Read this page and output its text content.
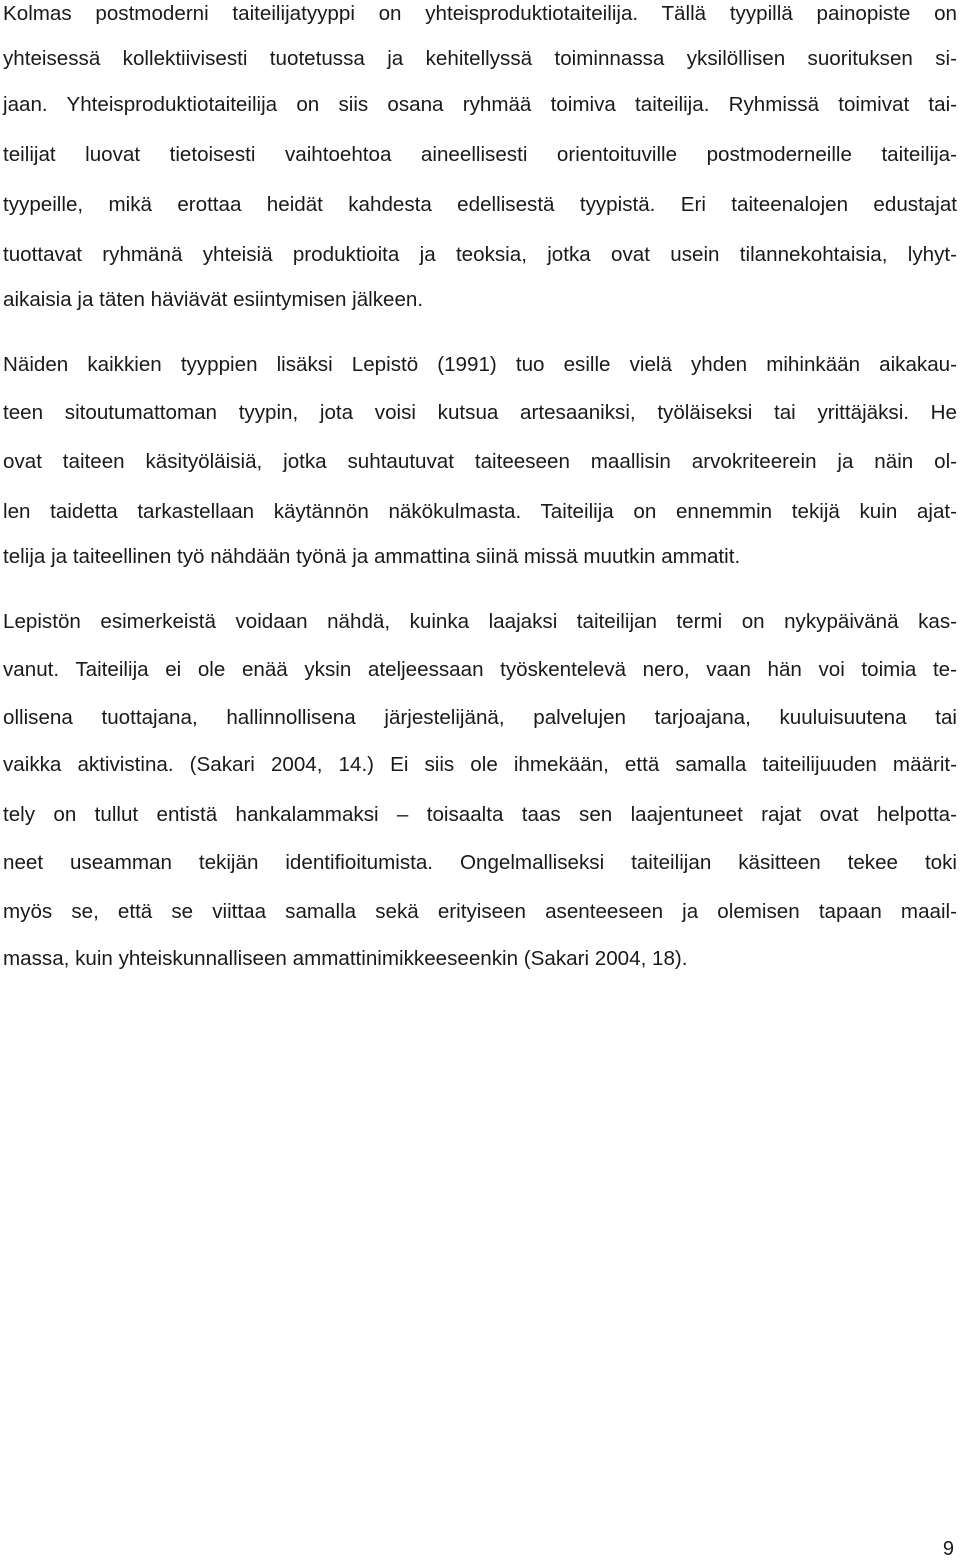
Kolmas postmoderni taiteilijatyyppi on yhteisproduktiotaiteilija. Tällä tyypillä painopiste on
yhteisessä kollektiivisesti tuotetussa ja kehitellyssä toiminnassa yksilöllisen suorituksen si-
jaan. Yhteisproduktiotaiteilija on siis osana ryhmää toimiva taiteilija. Ryhmissä toimivat tai-
teilijat luovat tietoisesti vaihtoehtoa aineellisesti orientoituville postmoderneille taiteilija-
tyypeille, mikä erottaa heidät kahdesta edellisestä tyypistä. Eri taiteenalojen edustajat
tuottavat ryhmänä yhteisiä produktioita ja teoksia, jotka ovat usein tilannekohtaisia, lyhyt-
aikaisia ja täten häviävät esiintymisen jälkeen.
Näiden kaikkien tyyppien lisäksi Lepistö (1991) tuo esille vielä yhden mihinkään aikakau-
teen sitoutumattoman tyypin, jota voisi kutsua artesaaniksi, työläiseksi tai yrittäjäksi. He
ovat taiteen käsityöläisiä, jotka suhtautuvat taiteeseen maallisin arvokriteerein ja näin ol-
len taidetta tarkastellaan käytännön näkökulmasta. Taiteilija on ennemmin tekijä kuin ajat-
telija ja taiteellinen työ nähdään työnä ja ammattina siinä missä muutkin ammatit.
Lepistön esimerkeistä voidaan nähdä, kuinka laajaksi taiteilijan termi on nykypäivänä kas-
vanut. Taiteilija ei ole enää yksin ateljeessaan työskentelevä nero, vaan hän voi toimia te-
ollisena tuottajana, hallinnollisena järjestelijänä, palvelujen tarjoajana, kuuluisuutena tai
vaikka aktivistina. (Sakari 2004, 14.) Ei siis ole ihmekään, että samalla taiteilijuuden määrit-
tely on tullut entistä hankalammaksi – toisaalta taas sen laajentuneet rajat ovat helpotta-
neet useamman tekijän identifioitumista. Ongelmalliseksi taiteilijan käsitteen tekee toki
myös se, että se viittaa samalla sekä erityiseen asenteeseen ja olemisen tapaan maail-
massa, kuin yhteiskunnalliseen ammattinimikkeeseenkin (Sakari 2004, 18).
9
